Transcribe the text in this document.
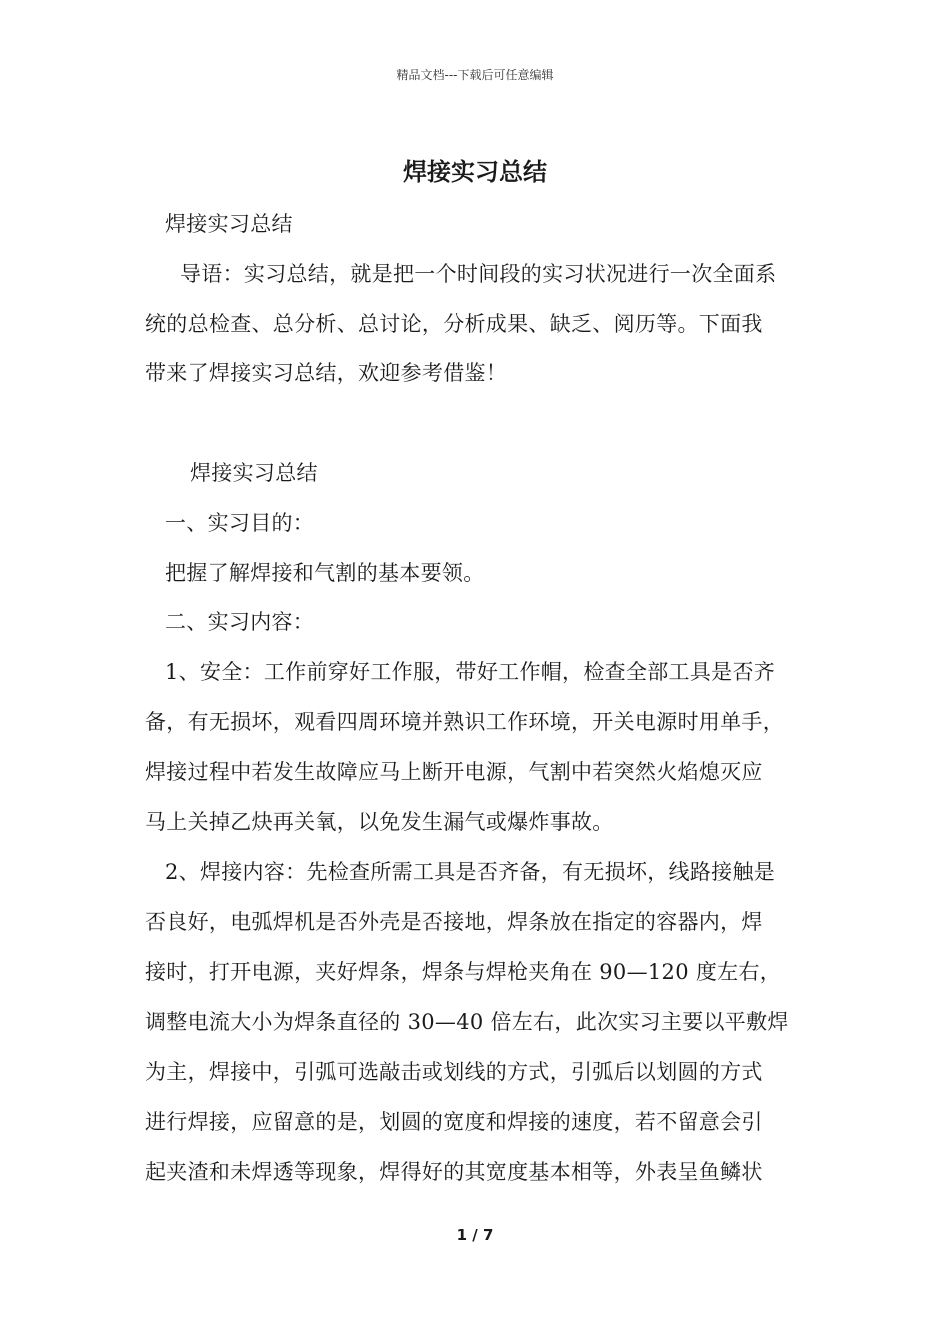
精品文档---下载后可任意编辑
焊接实习总结
焊接实习总结
导语：实习总结，就是把一个时间段的实习状况进行一次全面系
统的总检查、总分析、总讨论，分析成果、缺乏、阅历等。下面我
带来了焊接实习总结，欢迎参考借鉴！
焊接实习总结
一、实习目的：
把握了解焊接和气割的基本要领。
二、实习内容：
1、安全：工作前穿好工作服，带好工作帽，检查全部工具是否齐
备，有无损坏，观看四周环境并熟识工作环境，开关电源时用单手，
焊接过程中若发生故障应马上断开电源，气割中若突然火焰熄灭应
马上关掉乙炔再关氧，以免发生漏气或爆炸事故。
2、焊接内容：先检查所需工具是否齐备，有无损坏，线路接触是
否良好，电弧焊机是否外壳是否接地，焊条放在指定的容器内，焊
接时，打开电源，夹好焊条，焊条与焊枪夹角在 90—120 度左右，
调整电流大小为焊条直径的 30—40 倍左右，此次实习主要以平敷焊
为主，焊接中，引弧可选敲击或划线的方式，引弧后以划圆的方式
进行焊接，应留意的是，划圆的宽度和焊接的速度，若不留意会引
起夹渣和未焊透等现象，焊得好的其宽度基本相等，外表呈鱼鳞状
1 / 7
